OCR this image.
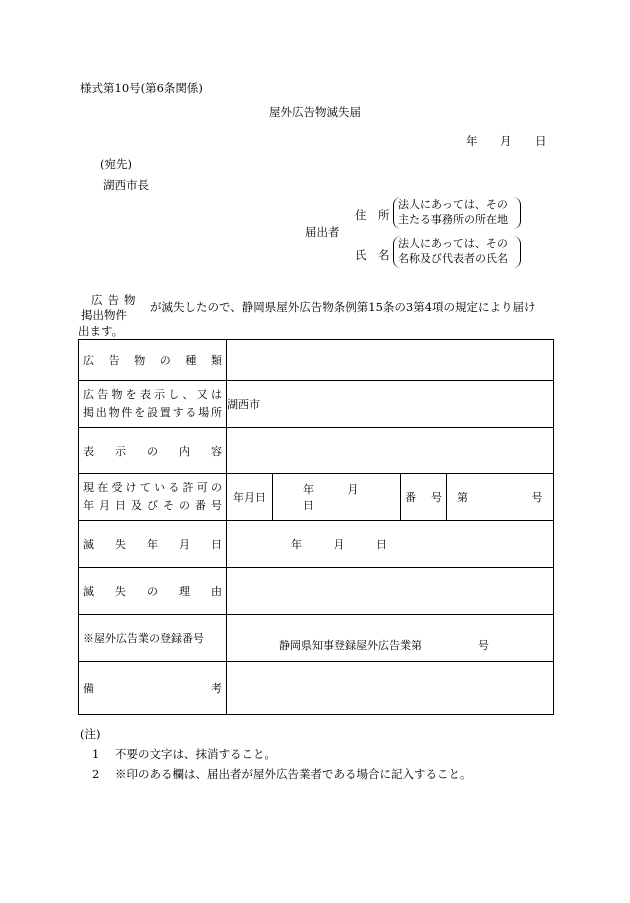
様式第10号(第6条関係)
屋外広告物滅失届
年 月 日
(宛先)
湖西市長
届出者
住 所
法人にあっては、その
主たる事務所の所在地
氏 名
法人にあっては、その
名称及び代表者の氏名
広告物
掲出物件
が滅失したので、静岡県屋外広告物条例第15条の3第4項の規定により届け
出ます。
広告物の種類				

広告物を表示し、又は
掲出物件を設置する場所	湖西市			
表示の内容				

現在受けている許可の
年月日及びその番号	年月日	年 月 日	番号	第 号
滅失年月日	年 月 日			
滅失の理由				
※屋外広告業の登録番号	静岡県知事登録屋外広告業第 号			

備考				
(注)
1 不要の文字は、抹消すること。
2 ※印のある欄は、届出者が屋外広告業者である場合に記入すること。
